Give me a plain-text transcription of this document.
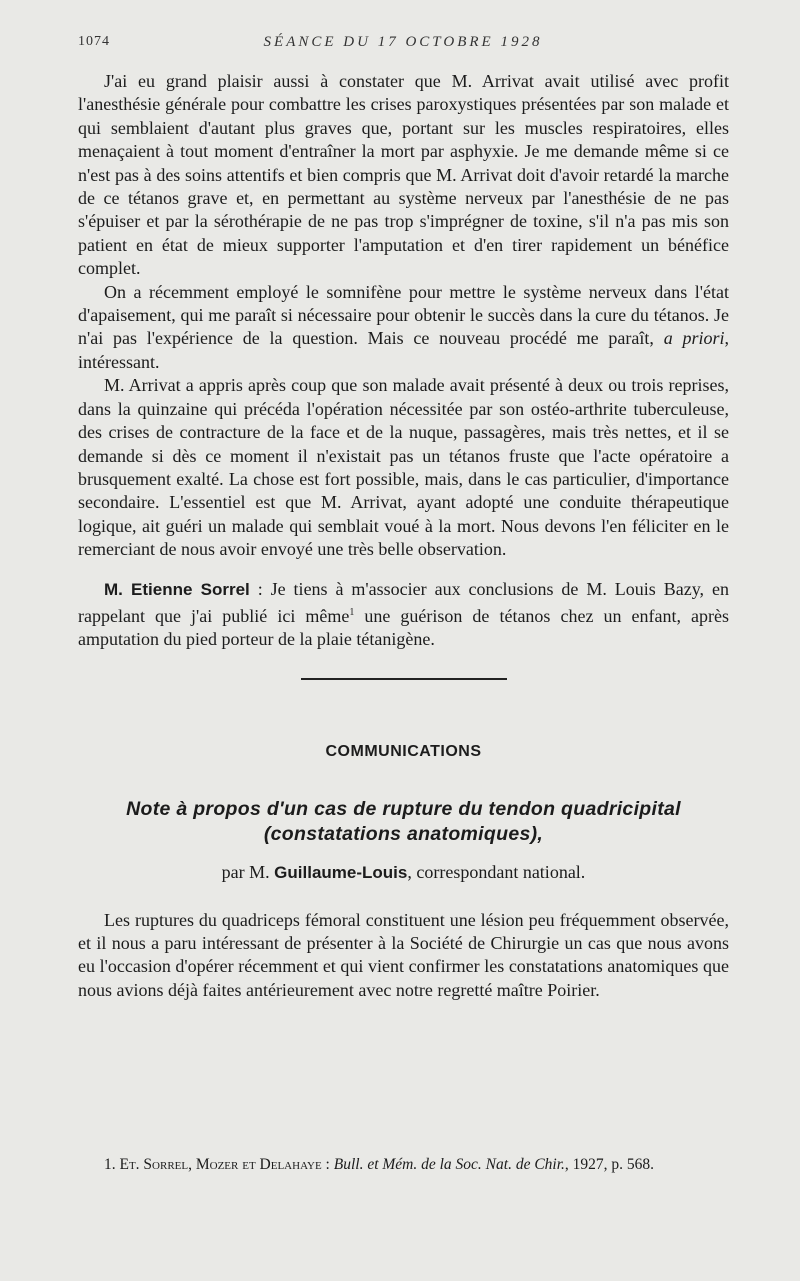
1074	SÉANCE DU 17 OCTOBRE 1928

J'ai eu grand plaisir aussi à constater que M. Arrivat avait utilisé avec profit l'anesthésie générale pour combattre les crises paroxystiques présentées par son malade et qui semblaient d'autant plus graves que, portant sur les muscles respiratoires, elles menaçaient à tout moment d'entraîner la mort par asphyxie. Je me demande même si ce n'est pas à des soins attentifs et bien compris que M. Arrivat doit d'avoir retardé la marche de ce tétanos grave et, en permettant au système nerveux par l'anesthésie de ne pas s'épuiser et par la sérothérapie de ne pas trop s'imprégner de toxine, s'il n'a pas mis son patient en état de mieux supporter l'amputation et d'en tirer rapidement un bénéfice complet.

On a récemment employé le somnifène pour mettre le système nerveux dans l'état d'apaisement, qui me paraît si nécessaire pour obtenir le succès dans la cure du tétanos. Je n'ai pas l'expérience de la question. Mais ce nouveau procédé me paraît, a priori, intéressant.

M. Arrivat a appris après coup que son malade avait présenté à deux ou trois reprises, dans la quinzaine qui précéda l'opération nécessitée par son ostéo-arthrite tuberculeuse, des crises de contracture de la face et de la nuque, passagères, mais très nettes, et il se demande si dès ce moment il n'existait pas un tétanos fruste que l'acte opératoire a brusquement exalté. La chose est fort possible, mais, dans le cas particulier, d'importance secondaire. L'essentiel est que M. Arrivat, ayant adopté une conduite thérapeutique logique, ait guéri un malade qui semblait voué à la mort. Nous devons l'en féliciter en le remerciant de nous avoir envoyé une très belle observation.

M. Etienne Sorrel : Je tiens à m'associer aux conclusions de M. Louis Bazy, en rappelant que j'ai publié ici même$^1$ une guérison de tétanos chez un enfant, après amputation du pied porteur de la plaie tétanigène.

COMMUNICATIONS
Note à propos d'un cas de rupture du tendon quadricipital
(constatations anatomiques),
par M. Guillaume-Louis, correspondant national.

Les ruptures du quadriceps fémoral constituent une lésion peu fréquemment observée, et il nous a paru intéressant de présenter à la Société de Chirurgie un cas que nous avons eu l'occasion d'opérer récemment et qui vient confirmer les constatations anatomiques que nous avions déjà faites antérieurement avec notre regretté maître Poirier.

1. Et. Sorrel, Mozer et Delahaye : Bull. et Mém. de la Soc. Nat. de Chir., 1927, p. 568.
